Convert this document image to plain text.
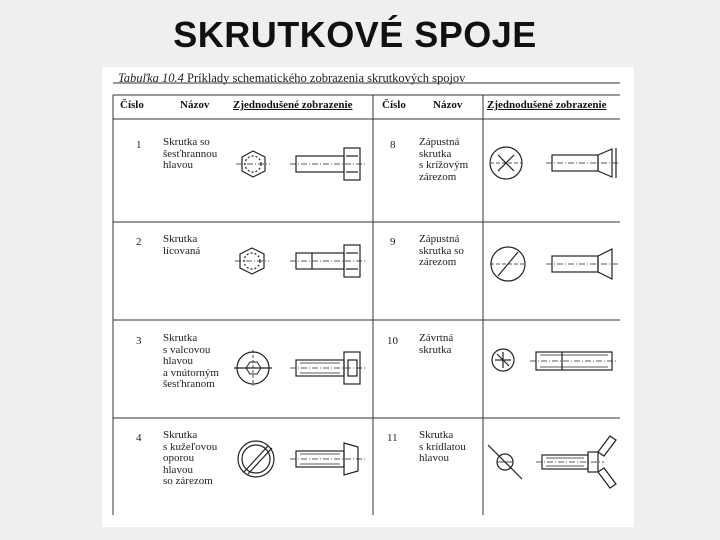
SKRUTKOVÉ SPOJE
Tabuľka 10.4 Príklady schematického zobrazenia skrutkových spojov
Číslo	Názov Zjednodušené zobrazenie	Číslo Názov Zjednodušené zobrazenie
1 Skrutka so
šesťhrannou
hlavou
8 Zápustná
skrutka
s krížovým
zárezom
2 Skrutka
lícovaná
9 Zápustná
skrutka so
zárezom
3 Skrutka
s valcovou
hlavou
a vnútorným
šesťhranom
10 Závrtná
skrutka
4 Skrutka
s kužeľovou
oporou
hlavou
so zárezom
11 Skrutka
s krídlatou
hlavou
